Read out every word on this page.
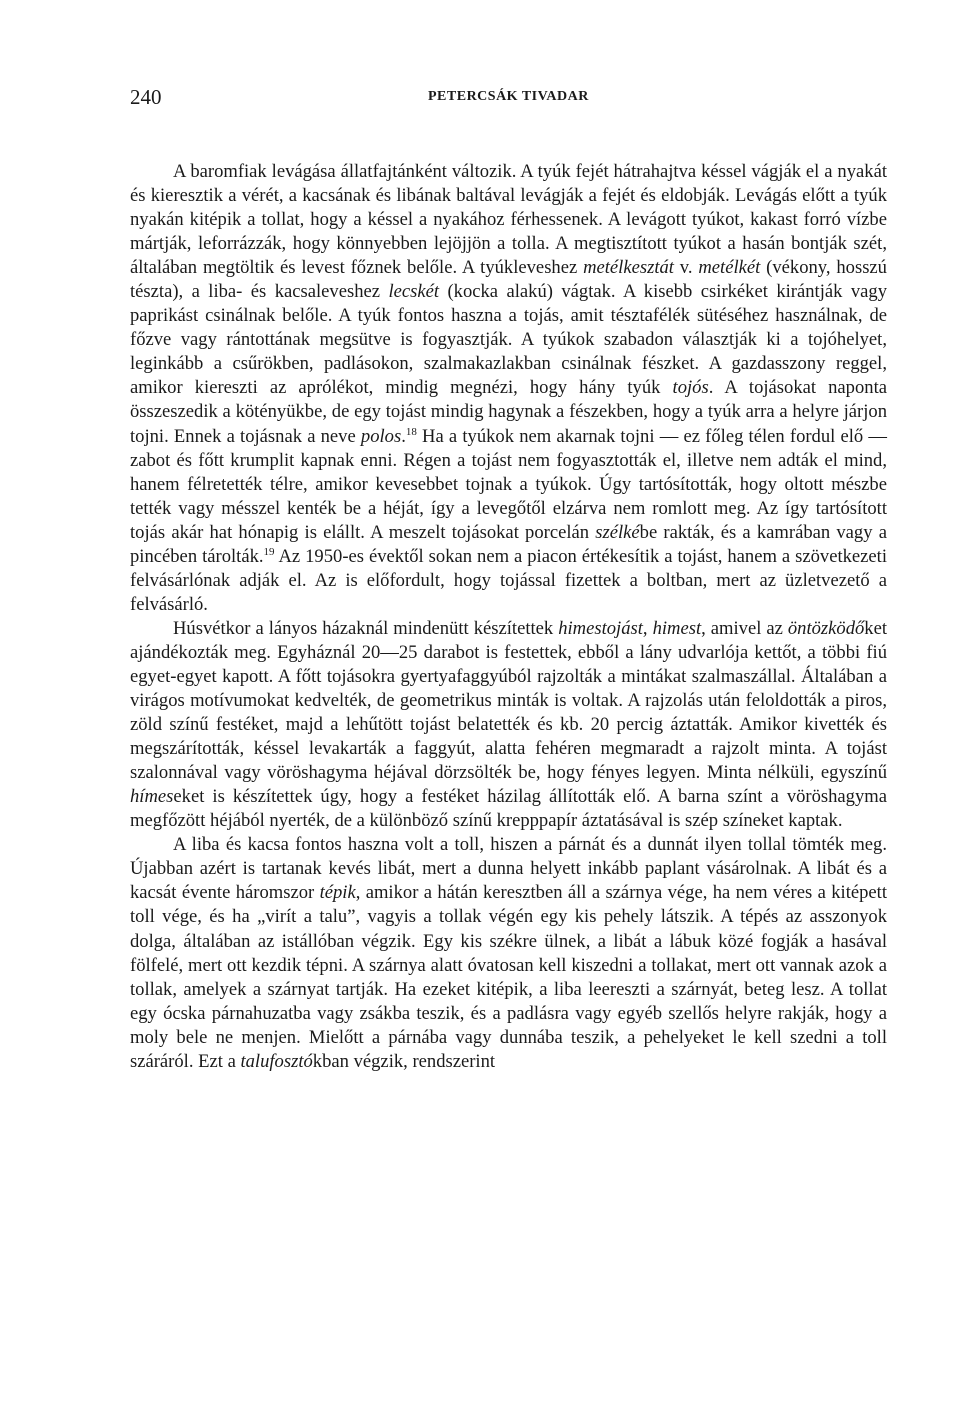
240	PETERCSÁK TIVADAR

A baromfiak levágása állatfajtánként változik. A tyúk fejét hátrahajtva késsel vágják el a nyakát és kieresztik a vérét, a kacsának és libának baltával levágják a fejét és eldobják. Levágás előtt a tyúk nyakán kitépik a tollat, hogy a késsel a nyakához férhessenek. A levágott tyúkot, kakast forró vízbe mártják, leforrázzák, hogy könnyebben lejöjjön a tolla. A megtisztított tyúkot a hasán bontják szét, általában megtöltik és levest főznek belőle. A tyúkleveshez metélkesztát v. metélkét (vékony, hosszú tészta), a liba- és kacsaleveshez lecskét (kocka alakú) vágtak. A kisebb csirkéket kirántják vagy paprikást csinálnak belőle. A tyúk fontos haszna a tojás, amit tésztafélék sütéséhez használnak, de főzve vagy rántottának megsütve is fogyasztják. A tyúkok szabadon választják ki a tojóhelyet, leginkább a csűrökben, padlásokon, szalmakazlakban csinálnak fészket. A gazdasszony reggel, amikor kiereszti az aprólékot, mindig megnézi, hogy hány tyúk tojós. A tojásokat naponta összeszedik a kötényükbe, de egy tojást mindig hagynak a fészekben, hogy a tyúk arra a helyre járjon tojni. Ennek a tojásnak a neve polos.$^{18}$ Ha a tyúkok nem akarnak tojni — ez főleg télen fordul elő — zabot és főtt krumplit kapnak enni. Régen a tojást nem fogyasztották el, illetve nem adták el mind, hanem félretették télre, amikor kevesebbet tojnak a tyúkok. Úgy tartósították, hogy oltott mészbe tették vagy mésszel kenték be a héját, így a levegőtől elzárva nem romlott meg. Az így tartósított tojás akár hat hónapig is elállt. A meszelt tojásokat porcelán szélkébe rakták, és a kamrában vagy a pincében tárolták.$^{19}$ Az 1950-es évektől sokan nem a piacon értékesítik a tojást, hanem a szövetkezeti felvásárlónak adják el. Az is előfordult, hogy tojással fizettek a boltban, mert az üzletvezető a felvásárló.

Húsvétkor a lányos házaknál mindenütt készítettek himestojást, himest, amivel az öntözködőket ajándékozták meg. Egyháznál 20—25 darabot is festettek, ebből a lány udvarlója kettőt, a többi fiú egyet-egyet kapott. A főtt tojásokra gyertyafaggyúból rajzolták a mintákat szalmaszállal. Általában a virágos motívumokat kedvelték, de geometrikus minták is voltak. A rajzolás után feloldották a piros, zöld színű festéket, majd a lehűtött tojást belatették és kb. 20 percig áztatták. Amikor kivették és megszárították, késsel levakarták a faggyút, alatta fehéren megmaradt a rajzolt minta. A tojást szalonnával vagy vöröshagyma héjával dörzsölték be, hogy fényes legyen. Minta nélküli, egyszínű hímeseket is készítettek úgy, hogy a festéket házilag állították elő. A barna színt a vöröshagyma megfőzött héjából nyerték, de a különböző színű krepppapír áztatásával is szép színeket kaptak.

A liba és kacsa fontos haszna volt a toll, hiszen a párnát és a dunnát ilyen tollal tömték meg. Újabban azért is tartanak kevés libát, mert a dunna helyett inkább paplant vásárolnak. A libát és a kacsát évente háromszor tépik, amikor a hátán keresztben áll a szárnya vége, ha nem véres a kitépett toll vége, és ha „virít a talu”, vagyis a tollak végén egy kis pehely látszik. A tépés az asszonyok dolga, általában az istállóban végzik. Egy kis székre ülnek, a libát a lábuk közé fogják a hasával fölfelé, mert ott kezdik tépni. A szárnya alatt óvatosan kell kiszedni a tollakat, mert ott vannak azok a tollak, amelyek a szárnyat tartják. Ha ezeket kitépik, a liba leereszti a szárnyát, beteg lesz. A tollat egy ócska párnahuzatba vagy zsákba teszik, és a padlásra vagy egyéb szellős helyre rakják, hogy a moly bele ne menjen. Mielőtt a párnába vagy dunnába teszik, a pehelyeket le kell szedni a toll száráról. Ezt a talufosztókban végzik, rendszerint
